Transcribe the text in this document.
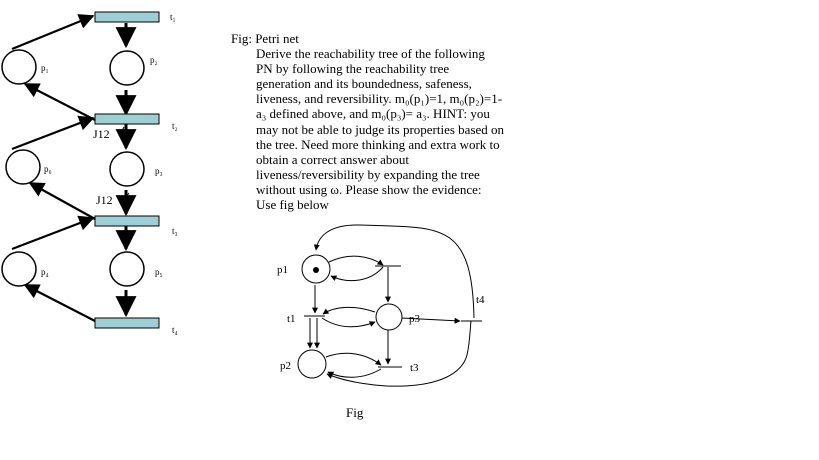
p₁
p₂
p₆	p₃
p₄	p₅
t₁
t₂
t₃
t₄
J12
J12
p1
p3
p2
t1
t3
t4

Fig: Petri net

Derive the reachability tree of the following
PN by following the reachability tree
generation and its boundedness, safeness,
liveness, and reversibility. m₀(p₁)=1, m₀(p₂)=1-
a₃ defined above, and m₀(p₃)= a₃. HINT: you
may not be able to judge its properties based on
the tree. Need more thinking and extra work to
obtain a correct answer about
liveness/reversibility by expanding the tree
without using ω. Please show the evidence:
Use fig below

Fig
